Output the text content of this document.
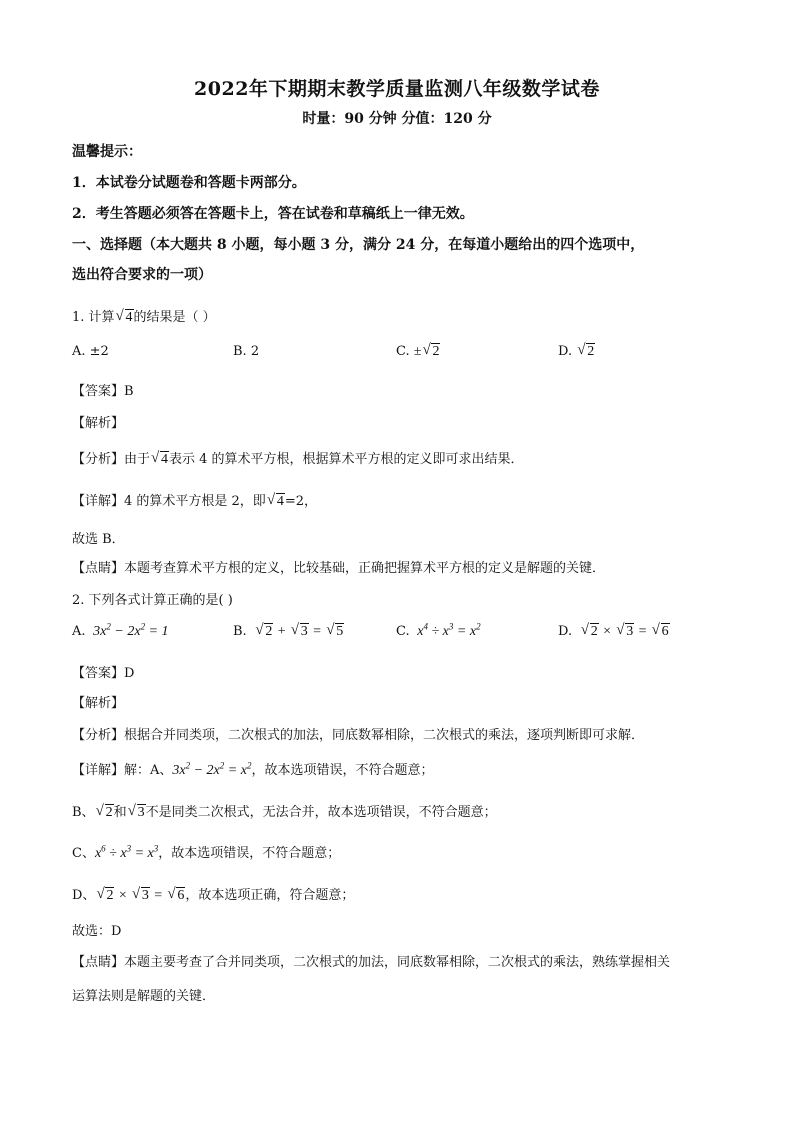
2022年下期期末教学质量监测八年级数学试卷
时量：90 分钟 分值：120 分
温馨提示：
1．本试卷分试题卷和答题卡两部分。
2．考生答题必须答在答题卡上，答在试卷和草稿纸上一律无效。
一、选择题（本大题共 8 小题，每小题 3 分，满分 24 分，在每道小题给出的四个选项中，
选出符合要求的一项）
1. 计算 √ 4的结果是（ ）
A. ±2	B. 2	C. ± √ 2	D. √ 2
【答案】B
【解析】
【分析】由于 √ 4表示 4 的算术平方根，根据算术平方根的定义即可求出结果．
【详解】4 的算术平方根是 2，即 √ 4=2，
故选 B．
【点睛】本题考查算术平方根的定义，比较基础，正确把握算术平方根的定义是解题的关键．
2. 下列各式计算正确的是( )
A.  $3x^2 - 2x^2 = 1$	B. √ 2 + √ 3 = √ 5	C.  $x^4 \div x^3 = x^2$	D. √ 2 × √ 3 = √ 6
【答案】D
【解析】
【分析】根据合并同类项，二次根式的加法，同底数幂相除，二次根式的乘法，逐项判断即可求解．
【详解】解：A、$3x^2 - 2x^2 = x^2$，故本选项错误，不符合题意；
B、 √ 2和 √ 3不是同类二次根式，无法合并，故本选项错误，不符合题意；
C、$x^6 \div x^3 = x^3$，故本选项错误，不符合题意；
D、 √ 2 × √ 3 = √ 6，故本选项正确，符合题意；
故选：D
【点睛】本题主要考查了合并同类项，二次根式的加法，同底数幂相除，二次根式的乘法，熟练掌握相关
运算法则是解题的关键．
